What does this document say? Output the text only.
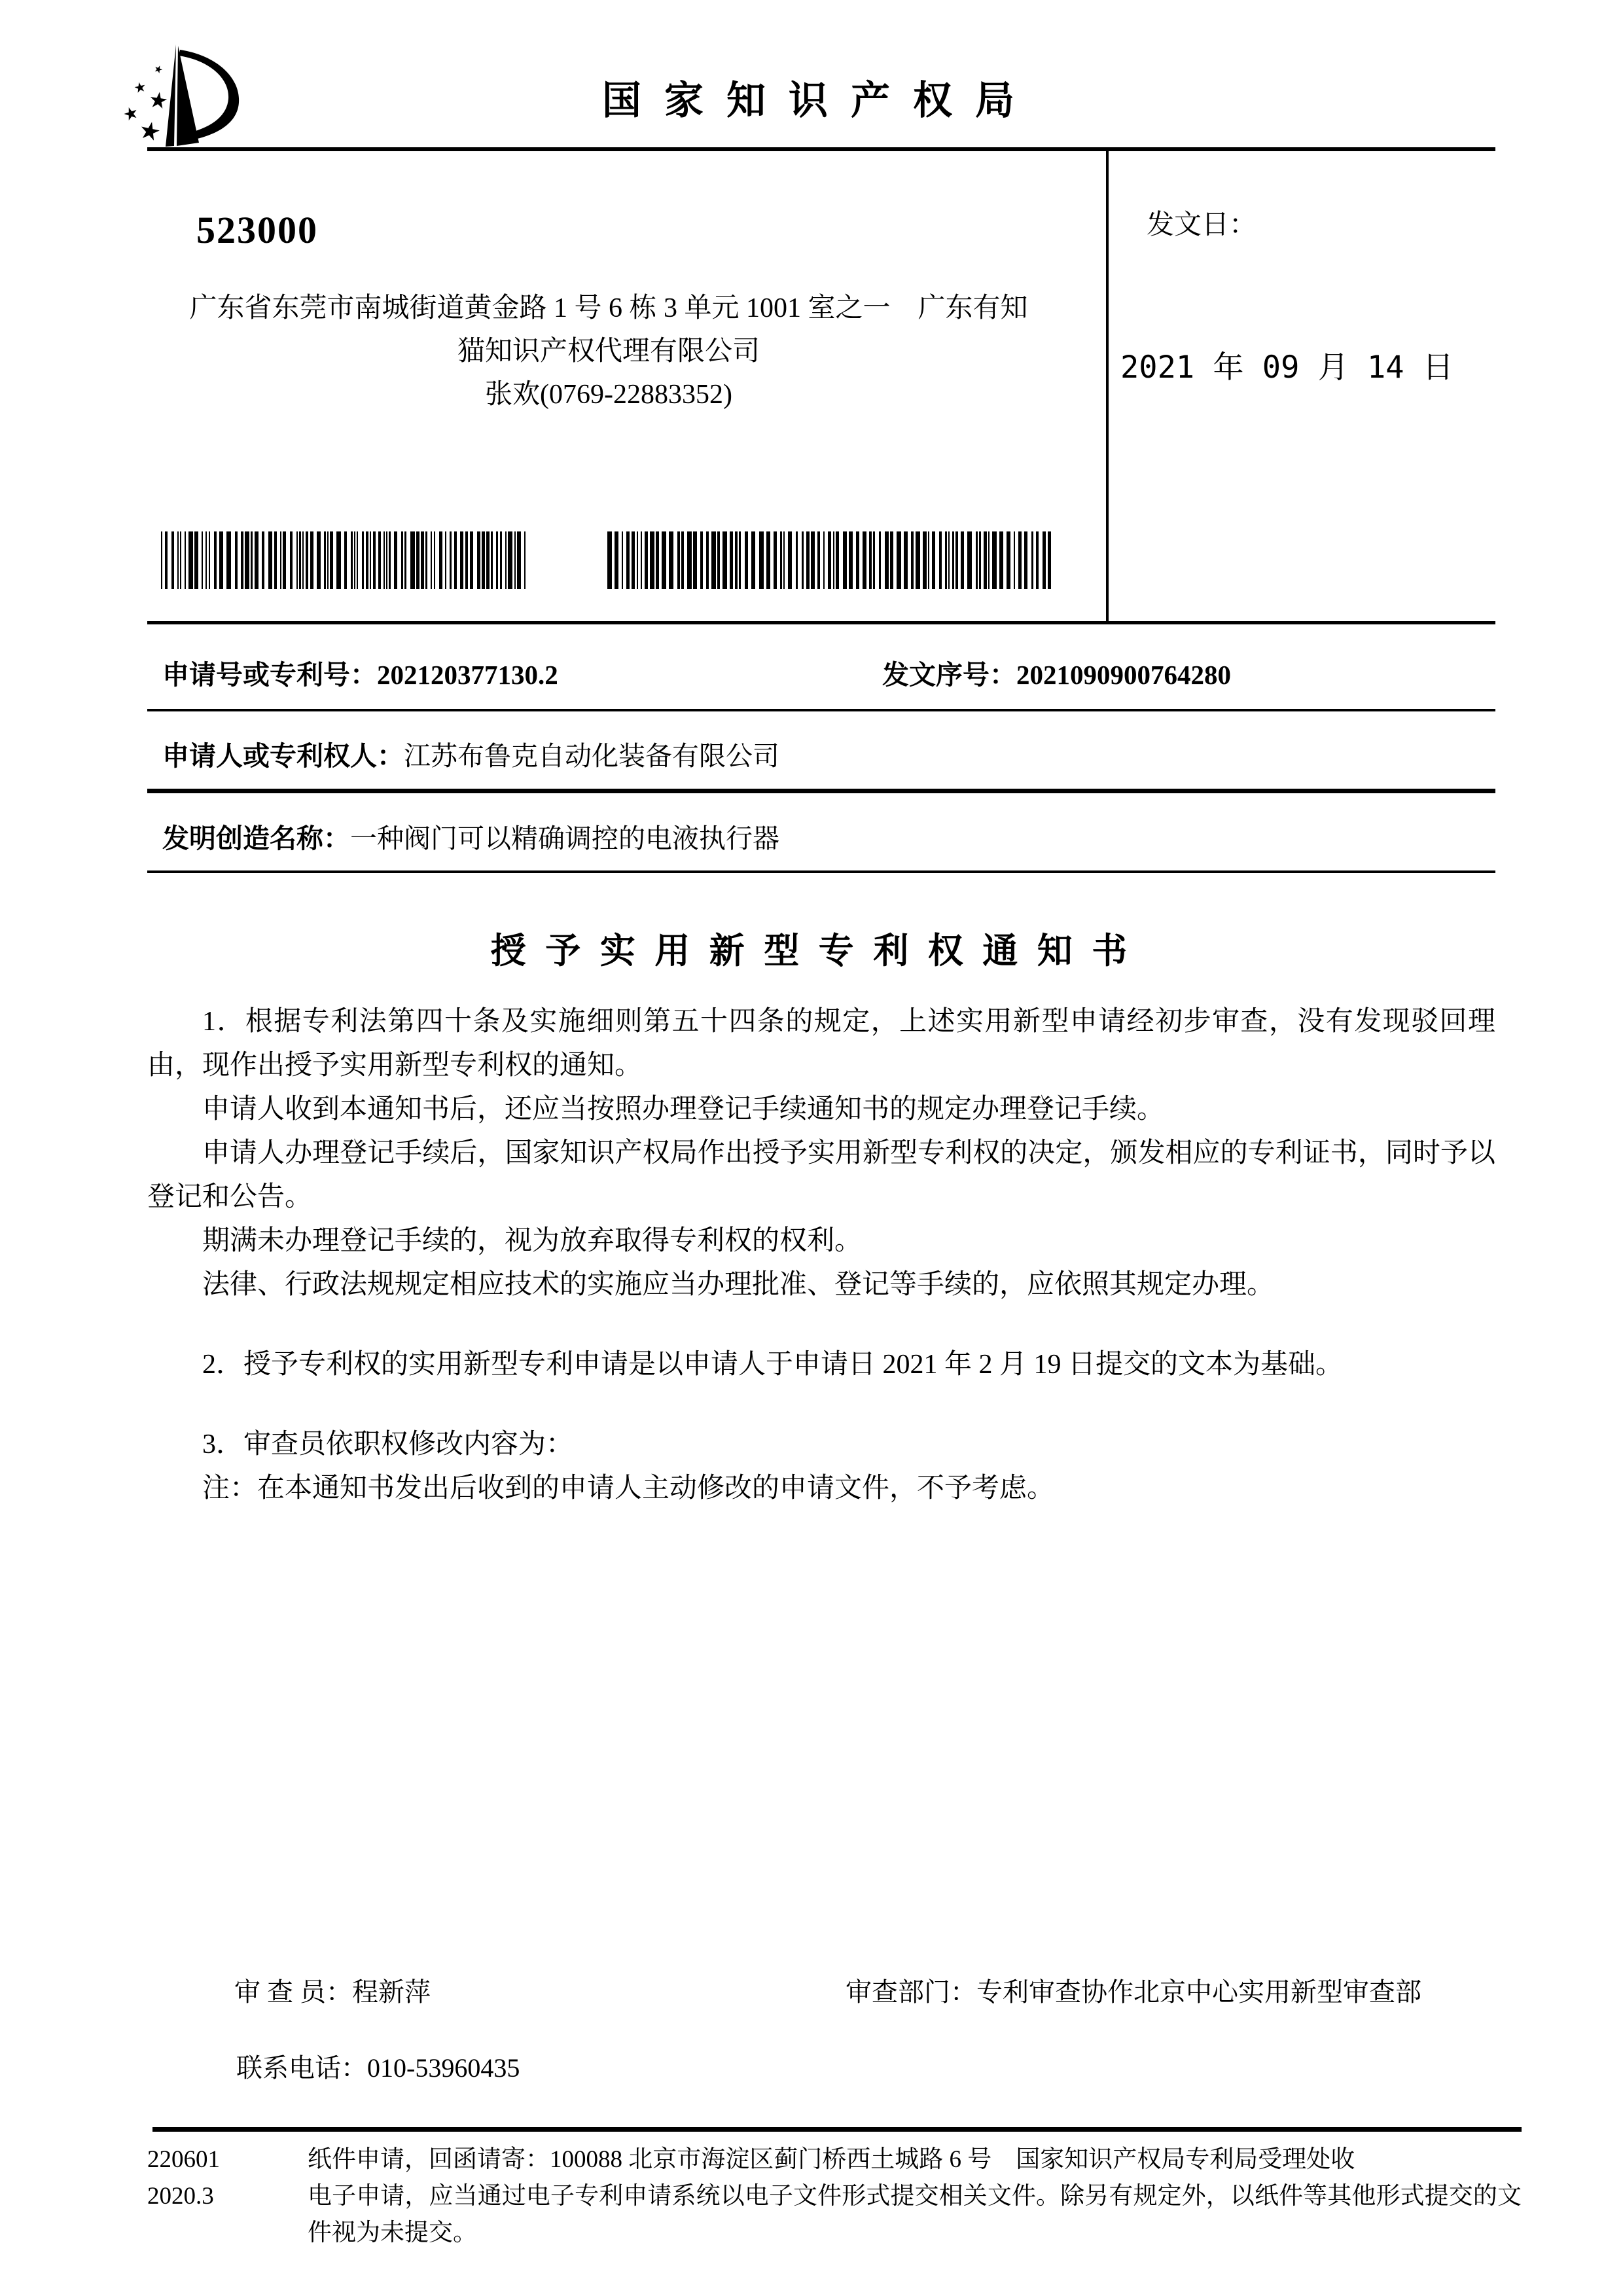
国 家 知 识 产 权 局
523000
广东省东莞市南城街道黄金路 1 号 6 栋 3 单元 1001 室之一　广东有知
猫知识产权代理有限公司
张欢(0769-22883352)
发文日：
2021 年 09 月 14 日
申请号或专利号：202120377130.2	发文序号：2021090900764280
申请人或专利权人：江苏布鲁克自动化装备有限公司
发明创造名称：一种阀门可以精确调控的电液执行器
授 予 实 用 新 型 专 利 权 通 知 书

1．根据专利法第四十条及实施细则第五十四条的规定，上述实用新型申请经初步审查，没有发现驳回理由，现作出授予实用新型专利权的通知。

申请人收到本通知书后，还应当按照办理登记手续通知书的规定办理登记手续。

申请人办理登记手续后，国家知识产权局作出授予实用新型专利权的决定，颁发相应的专利证书，同时予以登记和公告。

期满未办理登记手续的，视为放弃取得专利权的权利。

法律、行政法规规定相应技术的实施应当办理批准、登记等手续的，应依照其规定办理。

2．授予专利权的实用新型专利申请是以申请人于申请日 2021 年 2 月 19 日提交的文本为基础。

3．审查员依职权修改内容为：

注：在本通知书发出后收到的申请人主动修改的申请文件，不予考虑。

审 查 员：程新萍	审查部门：专利审查协作北京中心实用新型审查部
联系电话：010-53960435
220601
2020.3
纸件申请，回函请寄：100088 北京市海淀区蓟门桥西土城路 6 号　国家知识产权局专利局受理处收
电子申请，应当通过电子专利申请系统以电子文件形式提交相关文件。除另有规定外，以纸件等其他形式提交的文件视为未提交。
